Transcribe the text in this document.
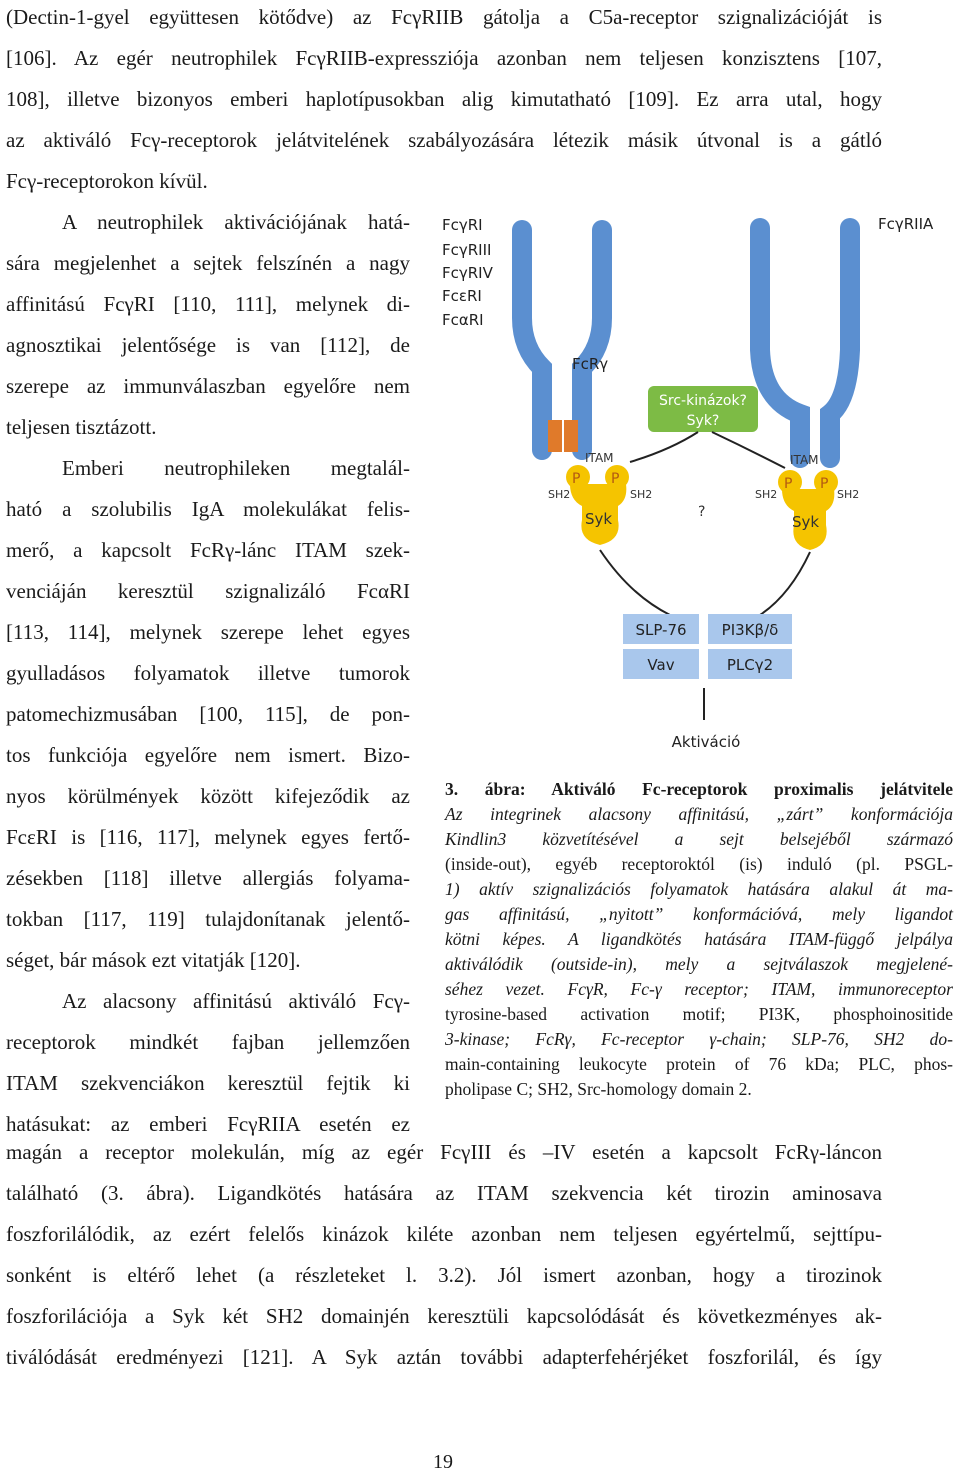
(Dectin-1-gyel együttesen kötődve) az FcγRIIB gátolja a C5a-receptor szignalizációját is
[106]. Az egér neutrophilek FcγRIIB-expressziója azonban nem teljesen konzisztens [107,
108], illetve bizonyos emberi haplotípusokban alig kimutatható [109]. Ez arra utal, hogy
az aktiváló Fcγ-receptorok jelátvitelének szabályozására létezik másik útvonal is a gátló
Fcγ-receptorokon kívül.
A neutrophilek aktivációjának hatá-
sára megjelenhet a sejtek felszínén a nagy
affinitású FcγRI [110, 111], melynek di-
agnosztikai jelentősége is van [112], de
szerepe az immunválaszban egyelőre nem
teljesen tisztázott.
Emberi neutrophileken megtalál-
ható a szolubilis IgA molekulákat felis-
merő, a kapcsolt FcRγ-lánc ITAM szek-
venciáján keresztül szignalizáló FcαRI
[113, 114], melynek szerepe lehet egyes
gyulladásos folyamatok illetve tumorok
patomechizmusában [100, 115], de pon-
tos funkciója egyelőre nem ismert. Bizo-
nyos körülmények között kifejeződik az
FcεRI is [116, 117], melynek egyes fertő-
zésekben [118] illetve allergiás folyama-
tokban [117, 119] tulajdonítanak jelentő-
séget, bár mások ezt vitatják [120].
Az alacsony affinitású aktiváló Fcγ-
receptorok mindkét fajban jellemzően
ITAM szekvenciákon keresztül fejtik ki
hatásukat: az emberi FcγRIIA esetén ez
Src-kinázok?
Syk?
ITAM	ITAM
P P
Syk
SH2	SH2
P P
Syk
SH2	SH2
?
SLP-76 PI3Kβ/δ
Vav	PLCγ2
Aktiváció
FcγRI
FcγRIII
FcγRIV
FcεRI
FcαRI
FcγRIIA
FcRγ
3. ábra: Aktiváló Fc-receptorok proximalis jelátvitele
Az integrinek alacsony affinitású, „zárt” konformációja
Kindlin3 közvetítésével a sejt belsejéből származó
(inside-out), egyéb receptoroktól (is) induló (pl. PSGL-
1) aktív szignalizációs folyamatok hatására alakul át ma-
gas affinitású, „nyitott” konformációvá, mely ligandot
kötni képes. A ligandkötés hatására ITAM-függő jelpálya
aktiválódik (outside-in), mely a sejtválaszok megjelené-
séhez vezet. FcγR, Fc-γ receptor; ITAM, immunoreceptor
tyrosine-based activation motif; PI3K, phosphoinositide
3-kinase; FcRγ, Fc-receptor γ-chain; SLP-76, SH2 do-
main-containing leukocyte protein of 76 kDa; PLC, phos-
pholipase C; SH2, Src-homology domain 2.
magán a receptor molekulán, míg az egér FcγIII és –IV esetén a kapcsolt FcRγ-láncon
található (3. ábra). Ligandkötés hatására az ITAM szekvencia két tirozin aminosava
foszforilálódik, az ezért felelős kinázok kiléte azonban nem teljesen egyértelmű, sejttípu-
sonként is eltérő lehet (a részleteket l. 3.2). Jól ismert azonban, hogy a tirozinok
foszforilációja a Syk két SH2 domainjén keresztüli kapcsolódását és következményes ak-
tiválódását eredményezi [121]. A Syk aztán további adapterfehérjéket foszforilál, és így
19
